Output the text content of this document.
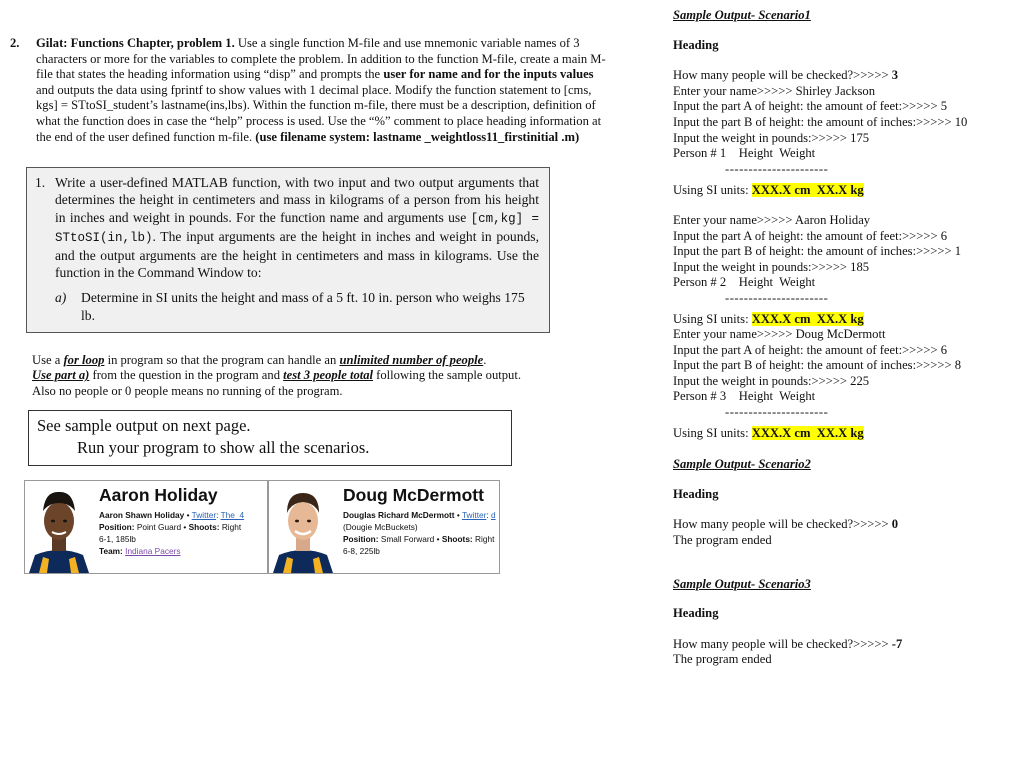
2.	Gilat: Functions Chapter, problem 1. Use a single function M-file and use mnemonic variable names of 3 characters or more for the variables to complete the problem. In addition to the function M-file, create a main M-file that states the heading information using “disp” and prompts the user for name and for the inputs values and outputs the data using fprintf to show values with 1 decimal place. Modify the function statement to [cms, kgs] = STtoSI_student’s lastname(ins,lbs). Within the function m-file, there must be a description, definition of what the function does in case the “help” process is used. Use the “%” comment to place heading information at the end of the user defined function m-file. (use filename system: lastname _weightloss11_firstinitial .m)
1. Write a user-defined MATLAB function, with two input and two output arguments that determines the height in centimeters and mass in kilograms of a person from his height in inches and weight in pounds. For the function name and arguments use [cm,kg] = STtoSI(in,lb). The input arguments are the height in inches and weight in pounds, and the output arguments are the height in centimeters and mass in kilograms. Use the function in the Command Window to:
a)	Determine in SI units the height and mass of a 5 ft. 10 in. person who weighs 175 lb.
Use a for loop in program so that the program can handle an unlimited number of people.
Use part a) from the question in the program and test 3 people total following the sample output.
Also no people or 0 people means no running of the program.
See sample output on next page.
Run your program to show all the scenarios.
Aaron Holiday
Aaron Shawn Holiday • Twitter: The_4
Position: Point Guard • Shoots: Right
6-1, 185lb
Team: Indiana Pacers
Doug McDermott
Douglas Richard McDermott • Twitter: d
(Dougie McBuckets)
Position: Small Forward • Shoots: Right
6-8, 225lb
Sample Output- Scenario1
Heading
How many people will be checked?>>>>> 3
Enter your name>>>>> Shirley Jackson
Input the part A of height: the amount of feet:>>>>> 5
Input the part B of height: the amount of inches:>>>>> 10
Input the weight in pounds:>>>>> 175
Person # 1    Height  Weight
----------------------
Using SI units: XXX.X cm  XX.X kg
Enter your name>>>>> Aaron Holiday
Input the part A of height: the amount of feet:>>>>> 6
Input the part B of height: the amount of inches:>>>>> 1
Input the weight in pounds:>>>>> 185
Person # 2    Height  Weight
----------------------
Using SI units: XXX.X cm  XX.X kg
Enter your name>>>>> Doug McDermott
Input the part A of height: the amount of feet:>>>>> 6
Input the part B of height: the amount of inches:>>>>> 8
Input the weight in pounds:>>>>> 225
Person # 3    Height  Weight
----------------------
Using SI units: XXX.X cm  XX.X kg
Sample Output- Scenario2
Heading
How many people will be checked?>>>>> 0
The program ended
Sample Output- Scenario3
Heading
How many people will be checked?>>>>> -7
The program ended
